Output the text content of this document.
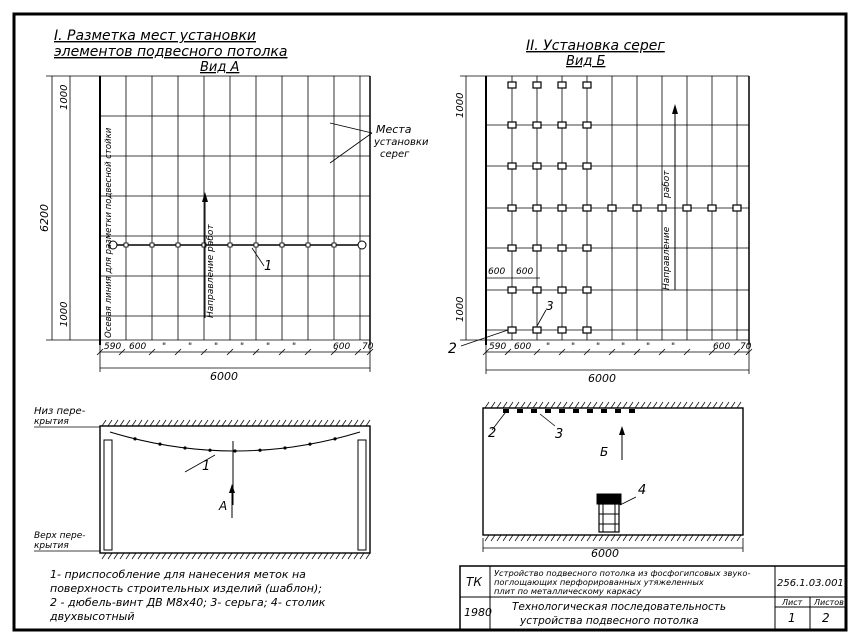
I. Разметка мест установки
элементов подвесного потолка
Вид А
Места
установки
серег
Осевая линия для разметки подвесной стойки	Направление работ	1
6200
1000
1000
590 600 " " " " " "	600 70
6000
II. Установка серег
Вид Б
работ
Направление
1000
1000
600 600
3
2	590 600 " " " " " "	600 70
6000
Низ пере-
крытия
Верх пере-
крытия
1
А
2	3
Б
4
6000
1- приспособление для нанесения меток на
поверхность строительных изделий (шаблон);
2 - дюбель-винт ДВ М8х40; 3- серьга; 4- столик
двухвысотный
ТК
1980
Устройство подвесного потолка из фосфогипсовых звуко-
поглощающих перфорированных утяжеленных
плит по металлическому каркасу
Технологическая последовательность
устройства подвесного потолка
256.1.03.001
Лист Листов
1 2
